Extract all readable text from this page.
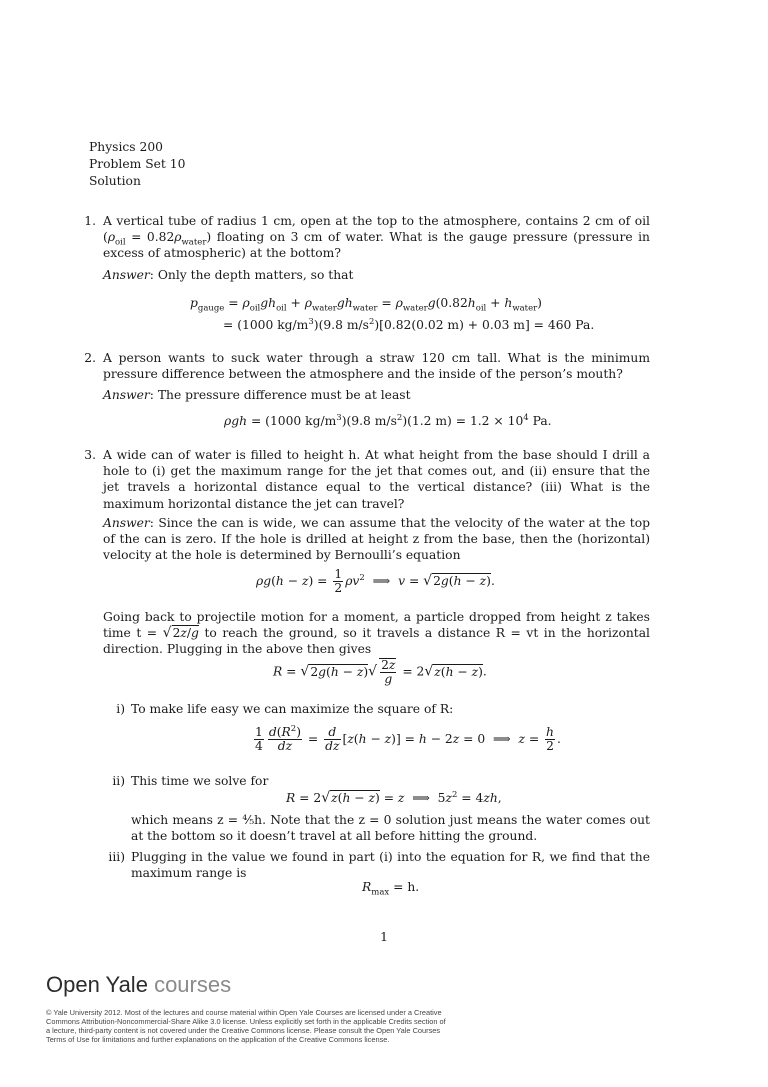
Physics 200
Problem Set 10
Solution
1. A vertical tube of radius 1 cm, open at the top to the atmosphere, contains 2 cm of oil $(\rho_{oil} = 0.82\rho_{water})$ floating on 3 cm of water. What is the gauge pressure (pressure in excess of atmospheric) at the bottom?
Answer: Only the depth matters, so that
$p_{gauge} = \rho_{oil}gh_{oil} + \rho_{water}gh_{water} = \rho_{water}g(0.82h_{oil} + h_{water})$
= (1000 $kg/m^3)(9.8$ $m/s^2)[0.82(0.02$ m) + 0.03 m] = 460 Pa.
2. A person wants to suck water through a straw 120 cm tall. What is the minimum pressure difference between the atmosphere and the inside of the person’s mouth?
Answer: The pressure difference must be at least
ρgh = (1000 $kg/m^3)(9.8$ $m/s^2)(1.2$ $m) = 1.2 \times 10^4$ Pa.
3. A wide can of water is filled to height h. At what height from the base should I drill a hole to (i) get the maximum range for the jet that comes out, and (ii) ensure that the jet travels a horizontal distance equal to the vertical distance? (iii) What is the maximum horizontal distance the jet can travel?
Answer: Since the can is wide, we can assume that the velocity of the water at the top of the can is zero. If the hole is drilled at height z from the base, then the (horizontal) velocity at the hole is determined by Bernoulli’s equation
$\rho g(h - z) = \frac{1}{2} \rho v^2$  ⟹  v = √2g(h − z).
Going back to projectile motion for a moment, a particle dropped from height z takes time t = √2z/g to reach the ground, so it travels a distance R = vt in the horizontal direction. Plugging in the above then gives
$R = √2g(h - z)√ \frac{2z}{g} = 2√z(h - z)$.
i) To make life easy we can maximize the square of R:
$\frac{1}{4} \frac{d(R^2)}{dz} = \frac{d}{dz} [z(h - z)] = h - 2z = 0$  ⟹  $z = \frac{h}{2}$ .
ii) This time we solve for
R = 2√z(h − z) = z  ⟹  $5z^2 = 4zh$,
which means z = ⁴⁄₅h. Note that the z = 0 solution just means the water comes out at the bottom so it doesn’t travel at all before hitting the ground.
iii) Plugging in the value we found in part (i) into the equation for R, we find that the maximum range is
$R_{max} = h$.
1
Open Yale courses
© Yale University 2012. Most of the lectures and course material within Open Yale Courses are licensed under a Creative Commons Attribution-Noncommercial-Share Alike 3.0 license. Unless explicitly set forth in the applicable Credits section of a lecture, third-party content is not covered under the Creative Commons license. Please consult the Open Yale Courses Terms of Use for limitations and further explanations on the application of the Creative Commons license.
